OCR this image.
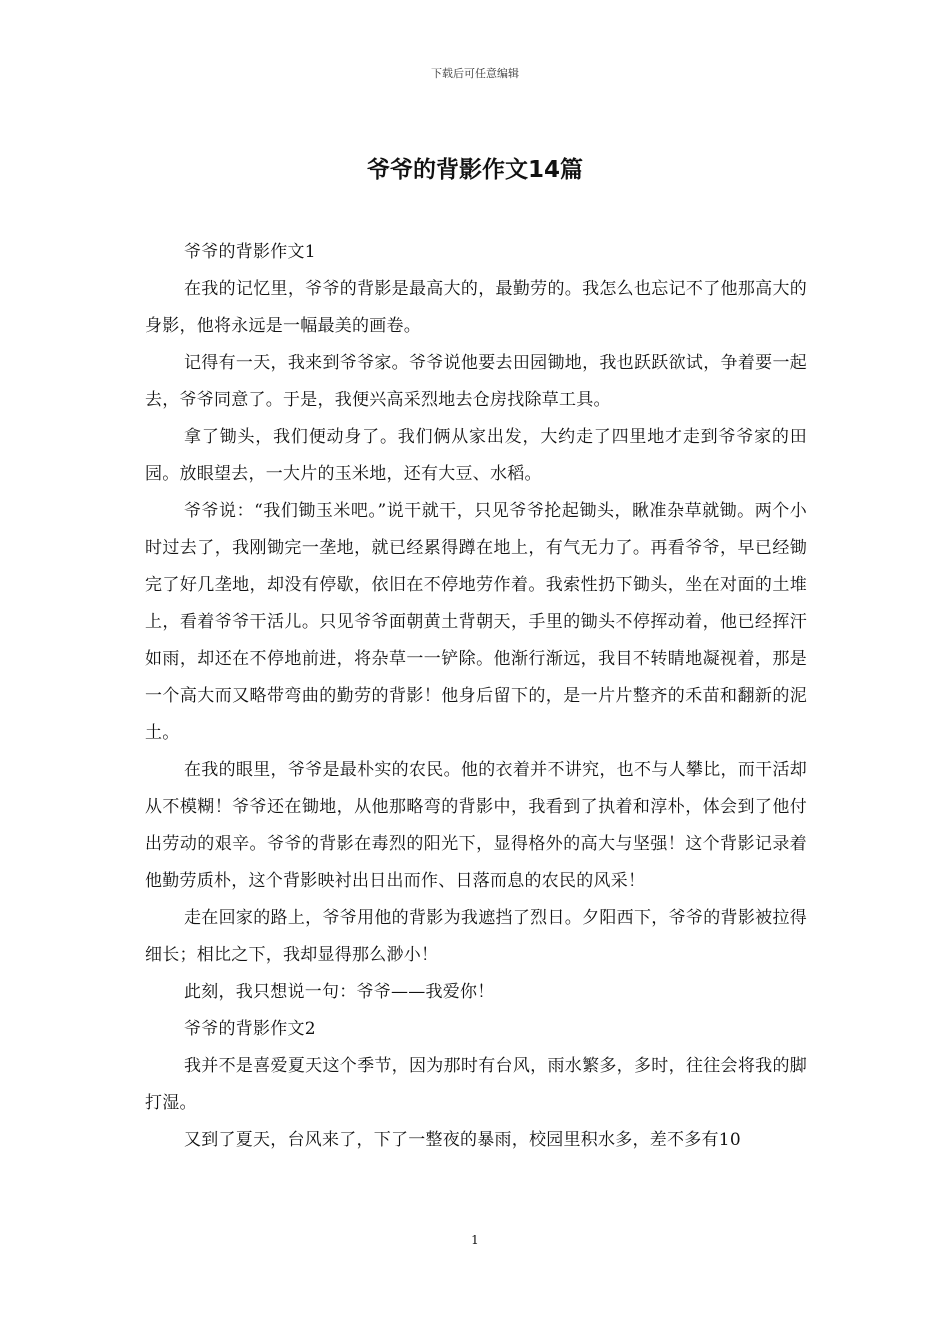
下载后可任意编辑
爷爷的背影作文14篇

爷爷的背影作文1

在我的记忆里，爷爷的背影是最高大的，最勤劳的。我怎么也忘记不了他那高大的身影，他将永远是一幅最美的画卷。

记得有一天，我来到爷爷家。爷爷说他要去田园锄地，我也跃跃欲试，争着要一起去，爷爷同意了。于是，我便兴高采烈地去仓房找除草工具。

拿了锄头，我们便动身了。我们俩从家出发，大约走了四里地才走到爷爷家的田园。放眼望去，一大片的玉米地，还有大豆、水稻。

爷爷说：“我们锄玉米吧。”说干就干，只见爷爷抡起锄头，瞅准杂草就锄。两个小时过去了，我刚锄完一垄地，就已经累得蹲在地上，有气无力了。再看爷爷，早已经锄完了好几垄地，却没有停歇，依旧在不停地劳作着。我索性扔下锄头，坐在对面的土堆上，看着爷爷干活儿。只见爷爷面朝黄土背朝天，手里的锄头不停挥动着，他已经挥汗如雨，却还在不停地前进，将杂草一一铲除。他渐行渐远，我目不转睛地凝视着，那是一个高大而又略带弯曲的勤劳的背影！他身后留下的，是一片片整齐的禾苗和翻新的泥土。

在我的眼里，爷爷是最朴实的农民。他的衣着并不讲究，也不与人攀比，而干活却从不模糊！爷爷还在锄地，从他那略弯的背影中，我看到了执着和淳朴，体会到了他付出劳动的艰辛。爷爷的背影在毒烈的阳光下，显得格外的高大与坚强！这个背影记录着他勤劳质朴，这个背影映衬出日出而作、日落而息的农民的风采！

走在回家的路上，爷爷用他的背影为我遮挡了烈日。夕阳西下，爷爷的背影被拉得细长；相比之下，我却显得那么渺小！

此刻，我只想说一句：爷爷——我爱你！

爷爷的背影作文2

我并不是喜爱夏天这个季节，因为那时有台风，雨水繁多，多时，往往会将我的脚打湿。

又到了夏天，台风来了，下了一整夜的暴雨，校园里积水多，差不多有10

1
